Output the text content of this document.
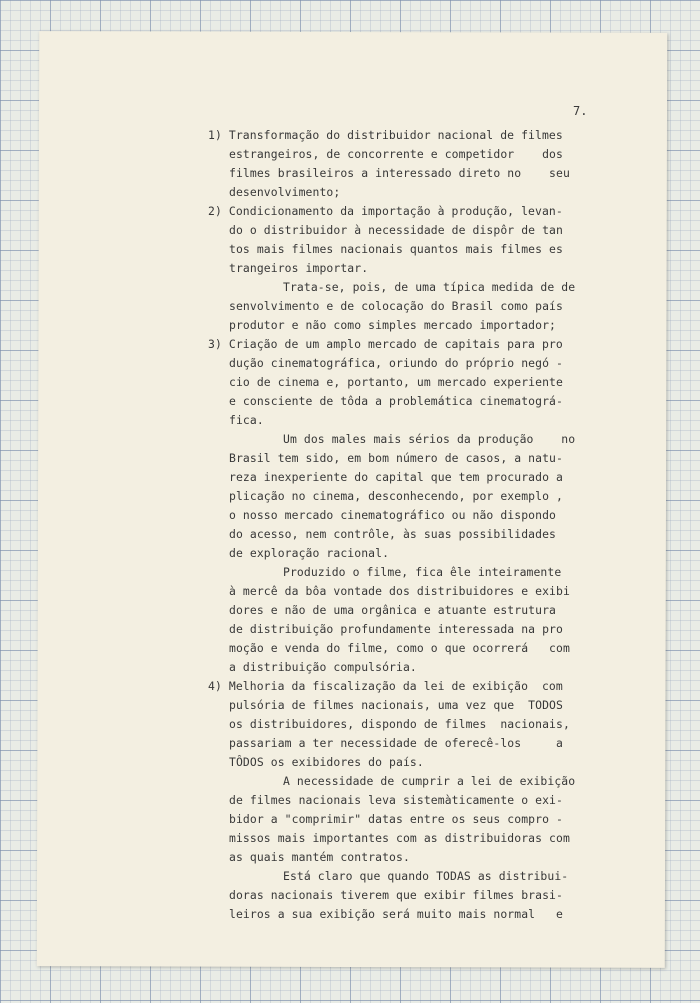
7.

1) Transformação do distribuidor nacional de filmes

estrangeiros, de concorrente e competidor    dos

filmes brasileiros a interessado direto no    seu

desenvolvimento;

2) Condicionamento da importação à produção, levan-

do o distribuidor à necessidade de dispôr de tan

tos mais filmes nacionais quantos mais filmes es

trangeiros importar.

Trata-se, pois, de uma típica medida de de

senvolvimento e de colocação do Brasil como país

produtor e não como simples mercado importador;

3) Criação de um amplo mercado de capitais para pro

dução cinematográfica, oriundo do próprio negó -

cio de cinema e, portanto, um mercado experiente

e consciente de tôda a problemática cinematográ-

fica.

Um dos males mais sérios da produção    no

Brasil tem sido, em bom número de casos, a natu-

reza inexperiente do capital que tem procurado a

plicação no cinema, desconhecendo, por exemplo ,

o nosso mercado cinematográfico ou não dispondo

do acesso, nem contrôle, às suas possibilidades

de exploração racional.

Produzido o filme, fica êle inteiramente

à mercê da bôa vontade dos distribuidores e exibi

dores e não de uma orgânica e atuante estrutura

de distribuição profundamente interessada na pro

moção e venda do filme, como o que ocorrerá   com

a distribuição compulsória.

4) Melhoria da fiscalização da lei de exibição  com

pulsória de filmes nacionais, uma vez que  TODOS

os distribuidores, dispondo de filmes  nacionais,

passariam a ter necessidade de oferecê-los     a

TÔDOS os exibidores do país.

A necessidade de cumprir a lei de exibição

de filmes nacionais leva sistemàticamente o exi-

bidor a "comprimir" datas entre os seus compro -

missos mais importantes com as distribuidoras com

as quais mantém contratos.

Está claro que quando TODAS as distribui-

doras nacionais tiverem que exibir filmes brasi-

leiros a sua exibição será muito mais normal   e
